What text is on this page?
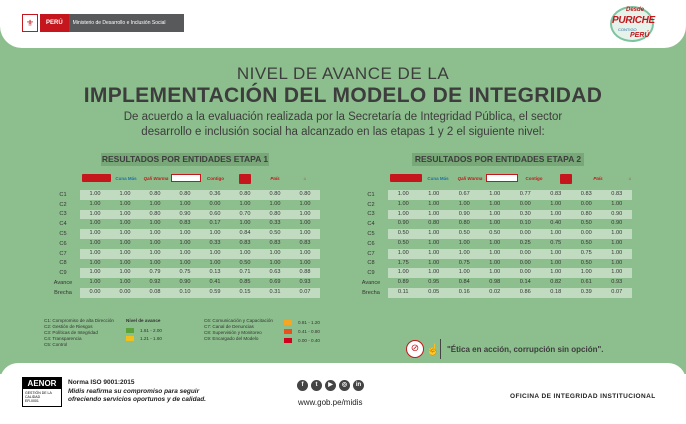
⚜	PERÚ	Ministerio de Desarrollo e Inclusión Social
Desde
PURICHE
CONTIGO
PERÚ
NIVEL DE AVANCE DE LA
IMPLEMENTACIÓN DEL MODELO DE INTEGRIDAD
De acuerdo a la evaluación realizada por la Secretaría de Integridad Pública, el sector desarrollo e inclusión social ha alcanzado en las etapas 1 y 2 el siguiente nivel:
RESULTADOS POR ENTIDADES ETAPA 1
Cuna Más	Qali Warma	Contigo	País	⌂
C1	1.00	1.00	0.80	0.80	0.36	0.80	0.80	0.80
C2	1.00	1.00	1.00	1.00	0.00	1.00	1.00	1.00
C3	1.00	1.00	0.80	0.90	0.60	0.70	0.80	1.00
C4	1.00	1.00	1.00	0.83	0.17	1.00	0.33	1.00
C5	1.00	1.00	1.00	1.00	1.00	0.84	0.50	1.00
C6	1.00	1.00	1.00	1.00	0.33	0.83	0.83	0.83
C7	1.00	1.00	1.00	1.00	1.00	1.00	1.00	1.00
C8	1.00	1.00	1.00	1.00	1.00	0.50	1.00	1.00
C9	1.00	1.00	0.79	0.75	0.13	0.71	0.63	0.88
Avance	1.00	1.00	0.92	0.90	0.41	0.85	0.69	0.93
Brecha	0.00	0.00	0.08	0.10	0.59	0.15	0.31	0.07
RESULTADOS POR ENTIDADES ETAPA 2
Cuna Más	Qali Warma	Contigo	País	⌂
C1	1.00	1.00	0.67	1.00	0.77	0.83	0.83	0.83
C2	1.00	1.00	1.00	1.00	0.00	1.00	0.00	1.00
C3	1.00	1.00	0.90	1.00	0.30	1.00	0.80	0.90
C4	0.90	0.80	0.80	1.00	0.10	0.40	0.50	0.90
C5	0.50	1.00	0.50	0.50	0.00	1.00	0.00	1.00
C6	0.50	1.00	1.00	1.00	0.25	0.75	0.50	1.00
C7	1.00	1.00	1.00	1.00	0.00	1.00	0.75	1.00
C8	1.75	1.00	0.75	1.00	0.00	1.00	0.50	1.00
C9	1.00	1.00	1.00	1.00	0.00	1.00	1.00	1.00
Avance	0.89	0.95	0.84	0.98	0.14	0.82	0.61	0.93
Brecha	0.11	0.05	0.16	0.02	0.86	0.18	0.39	0.07
C1: Compromiso de alta Dirección
C2: Gestión de Riesgos
C3: Políticas de Integridad
C4: Transparencia
C5: Control
Nivel de avance
1.61 - 2.00
1.21 - 1.60
C6: Comunicación y Capacitación
C7: Canal de Denuncias
C8: Supervisión y Monitoreo
C9: Encargado del Modelo
0.81 - 1.20
0.41 - 0.80
0.00 - 0.40
⊘ ☝ "Ética en acción, corrupción sin opción".
AENOR
GESTIÓN DE LA CALIDAD
ER-0001
Norma ISO 9001:2015
Midis reafirma su compromiso para seguir
ofreciendo servicios oportunos y de calidad.
f	t	▶	◎	in
www.gob.pe/midis
OFICINA DE INTEGRIDAD INSTITUCIONAL
